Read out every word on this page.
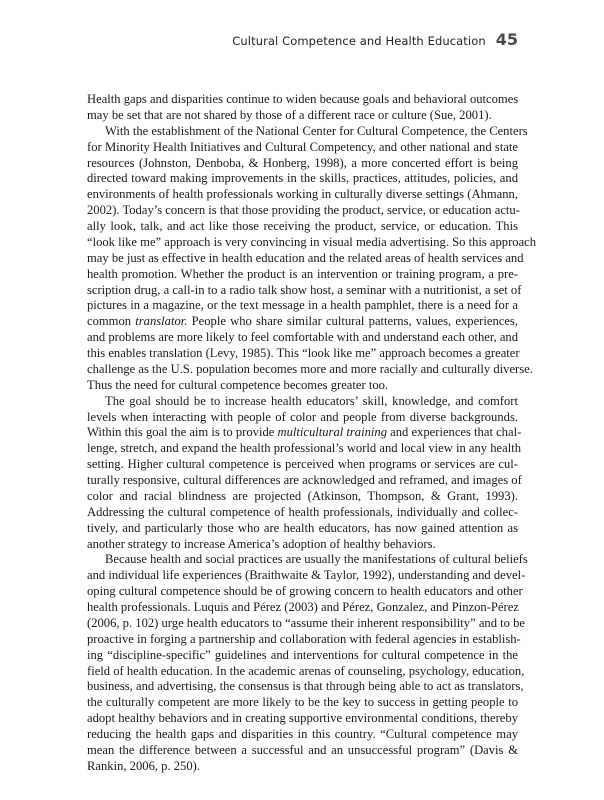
Cultural Competence and Health Education 45

Health gaps and disparities continue to widen because goals and behavioral outcomes
may be set that are not shared by those of a different race or culture (Sue, 2001).

With the establishment of the National Center for Cultural Competence, the Centers
for Minority Health Initiatives and Cultural Competency, and other national and state
resources (Johnston, Denboba, & Honberg, 1998), a more concerted effort is being
directed toward making improvements in the skills, practices, attitudes, policies, and
environments of health professionals working in culturally diverse settings (Ahmann,
2002). Today’s concern is that those providing the product, service, or education actu-
ally look, talk, and act like those receiving the product, service, or education. This
“look like me” approach is very convincing in visual media advertising. So this approach
may be just as effective in health education and the related areas of health services and
health promotion. Whether the product is an intervention or training program, a pre-
scription drug, a call-in to a radio talk show host, a seminar with a nutritionist, a set of
pictures in a magazine, or the text message in a health pamphlet, there is a need for a
common translator. People who share similar cultural patterns, values, experiences,
and problems are more likely to feel comfortable with and understand each other, and
this enables translation (Levy, 1985). This “look like me” approach becomes a greater
challenge as the U.S. population becomes more and more racially and culturally diverse.
Thus the need for cultural competence becomes greater too.

The goal should be to increase health educators’ skill, knowledge, and comfort
levels when interacting with people of color and people from diverse backgrounds.
Within this goal the aim is to provide multicultural training and experiences that chal-
lenge, stretch, and expand the health professional’s world and local view in any health
setting. Higher cultural competence is perceived when programs or services are cul-
turally responsive, cultural differences are acknowledged and reframed, and images of
color and racial blindness are projected (Atkinson, Thompson, & Grant, 1993).
Addressing the cultural competence of health professionals, individually and collec-
tively, and particularly those who are health educators, has now gained attention as
another strategy to increase America’s adoption of healthy behaviors.

Because health and social practices are usually the manifestations of cultural beliefs
and individual life experiences (Braithwaite & Taylor, 1992), understanding and devel-
oping cultural competence should be of growing concern to health educators and other
health professionals. Luquis and Pérez (2003) and Pérez, Gonzalez, and Pinzon-Pérez
(2006, p. 102) urge health educators to “assume their inherent responsibility” and to be
proactive in forging a partnership and collaboration with federal agencies in establish-
ing “discipline-specific” guidelines and interventions for cultural competence in the
field of health education. In the academic arenas of counseling, psychology, education,
business, and advertising, the consensus is that through being able to act as translators,
the culturally competent are more likely to be the key to success in getting people to
adopt healthy behaviors and in creating supportive environmental conditions, thereby
reducing the health gaps and disparities in this country. “Cultural competence may
mean the difference between a successful and an unsuccessful program” (Davis &
Rankin, 2006, p. 250).
